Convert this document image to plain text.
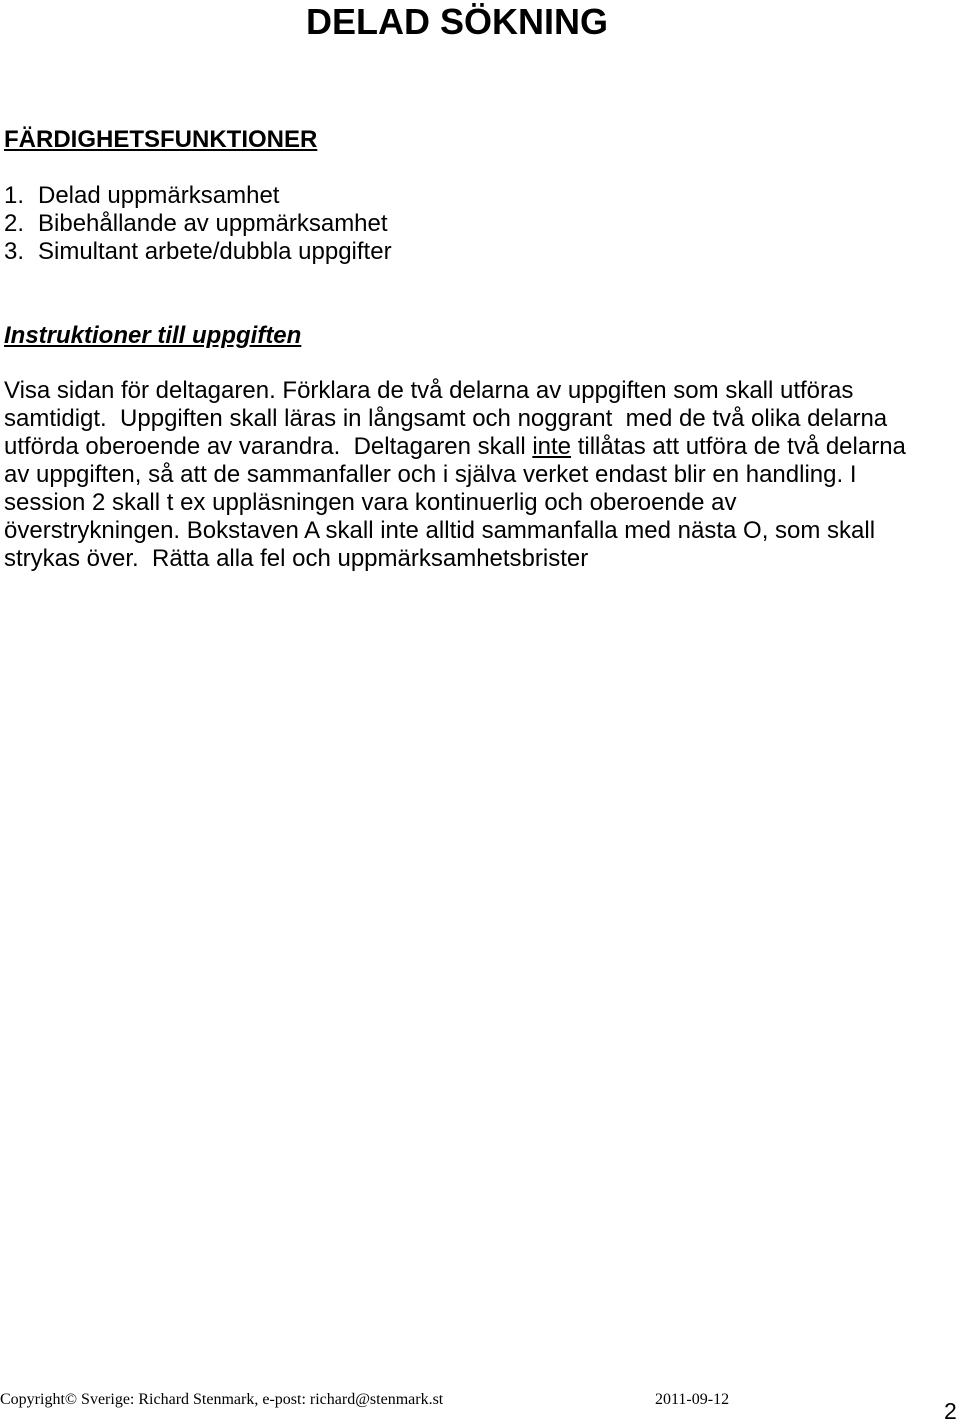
DELAD SÖKNING
FÄRDIGHETSFUNKTIONER
1. Delad uppmärksamhet
2. Bibehållande av uppmärksamhet
3. Simultant arbete/dubbla uppgifter
Instruktioner till uppgiften
Visa sidan för deltagaren. Förklara de två delarna av uppgiften som skall utföras
samtidigt.  Uppgiften skall läras in långsamt och noggrant  med de två olika delarna
utförda oberoende av varandra.  Deltagaren skall inte tillåtas att utföra de två delarna
av uppgiften, så att de sammanfaller och i själva verket endast blir en handling. I
session 2 skall t ex uppläsningen vara kontinuerlig och oberoende av
överstrykningen. Bokstaven A skall inte alltid sammanfalla med nästa O, som skall
strykas över.  Rätta alla fel och uppmärksamhetsbrister
Copyright© Sverige: Richard Stenmark, e-post: richard@stenmark.st	2011-09-12	2
